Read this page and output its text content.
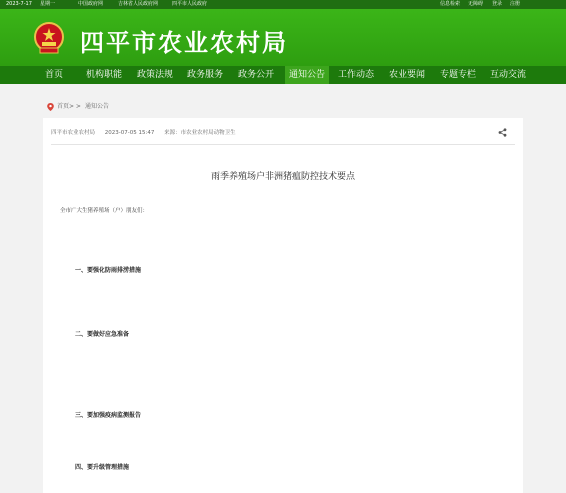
2023-7-17 星期一	中国政府网	吉林省人民政府网	四平市人民政府	信息检索 无障碍 登录 注册
四平市农业农村局
首页	机构职能 政策法规 政务服务 政务公开	通知公告	工作动态 农业要闻 专题专栏 互动交流
首页 > > 通知公告
四平市农业农村局 2023-07-05 15:47 来源：市农业农村局动物卫生
雨季养殖场户非洲猪瘟防控技术要点
全市广大生猪养殖场（户）朋友们：
一、要强化防雨排涝措施
二、要做好应急准备
三、要加强疫病监测报告
四、要升级管理措施
